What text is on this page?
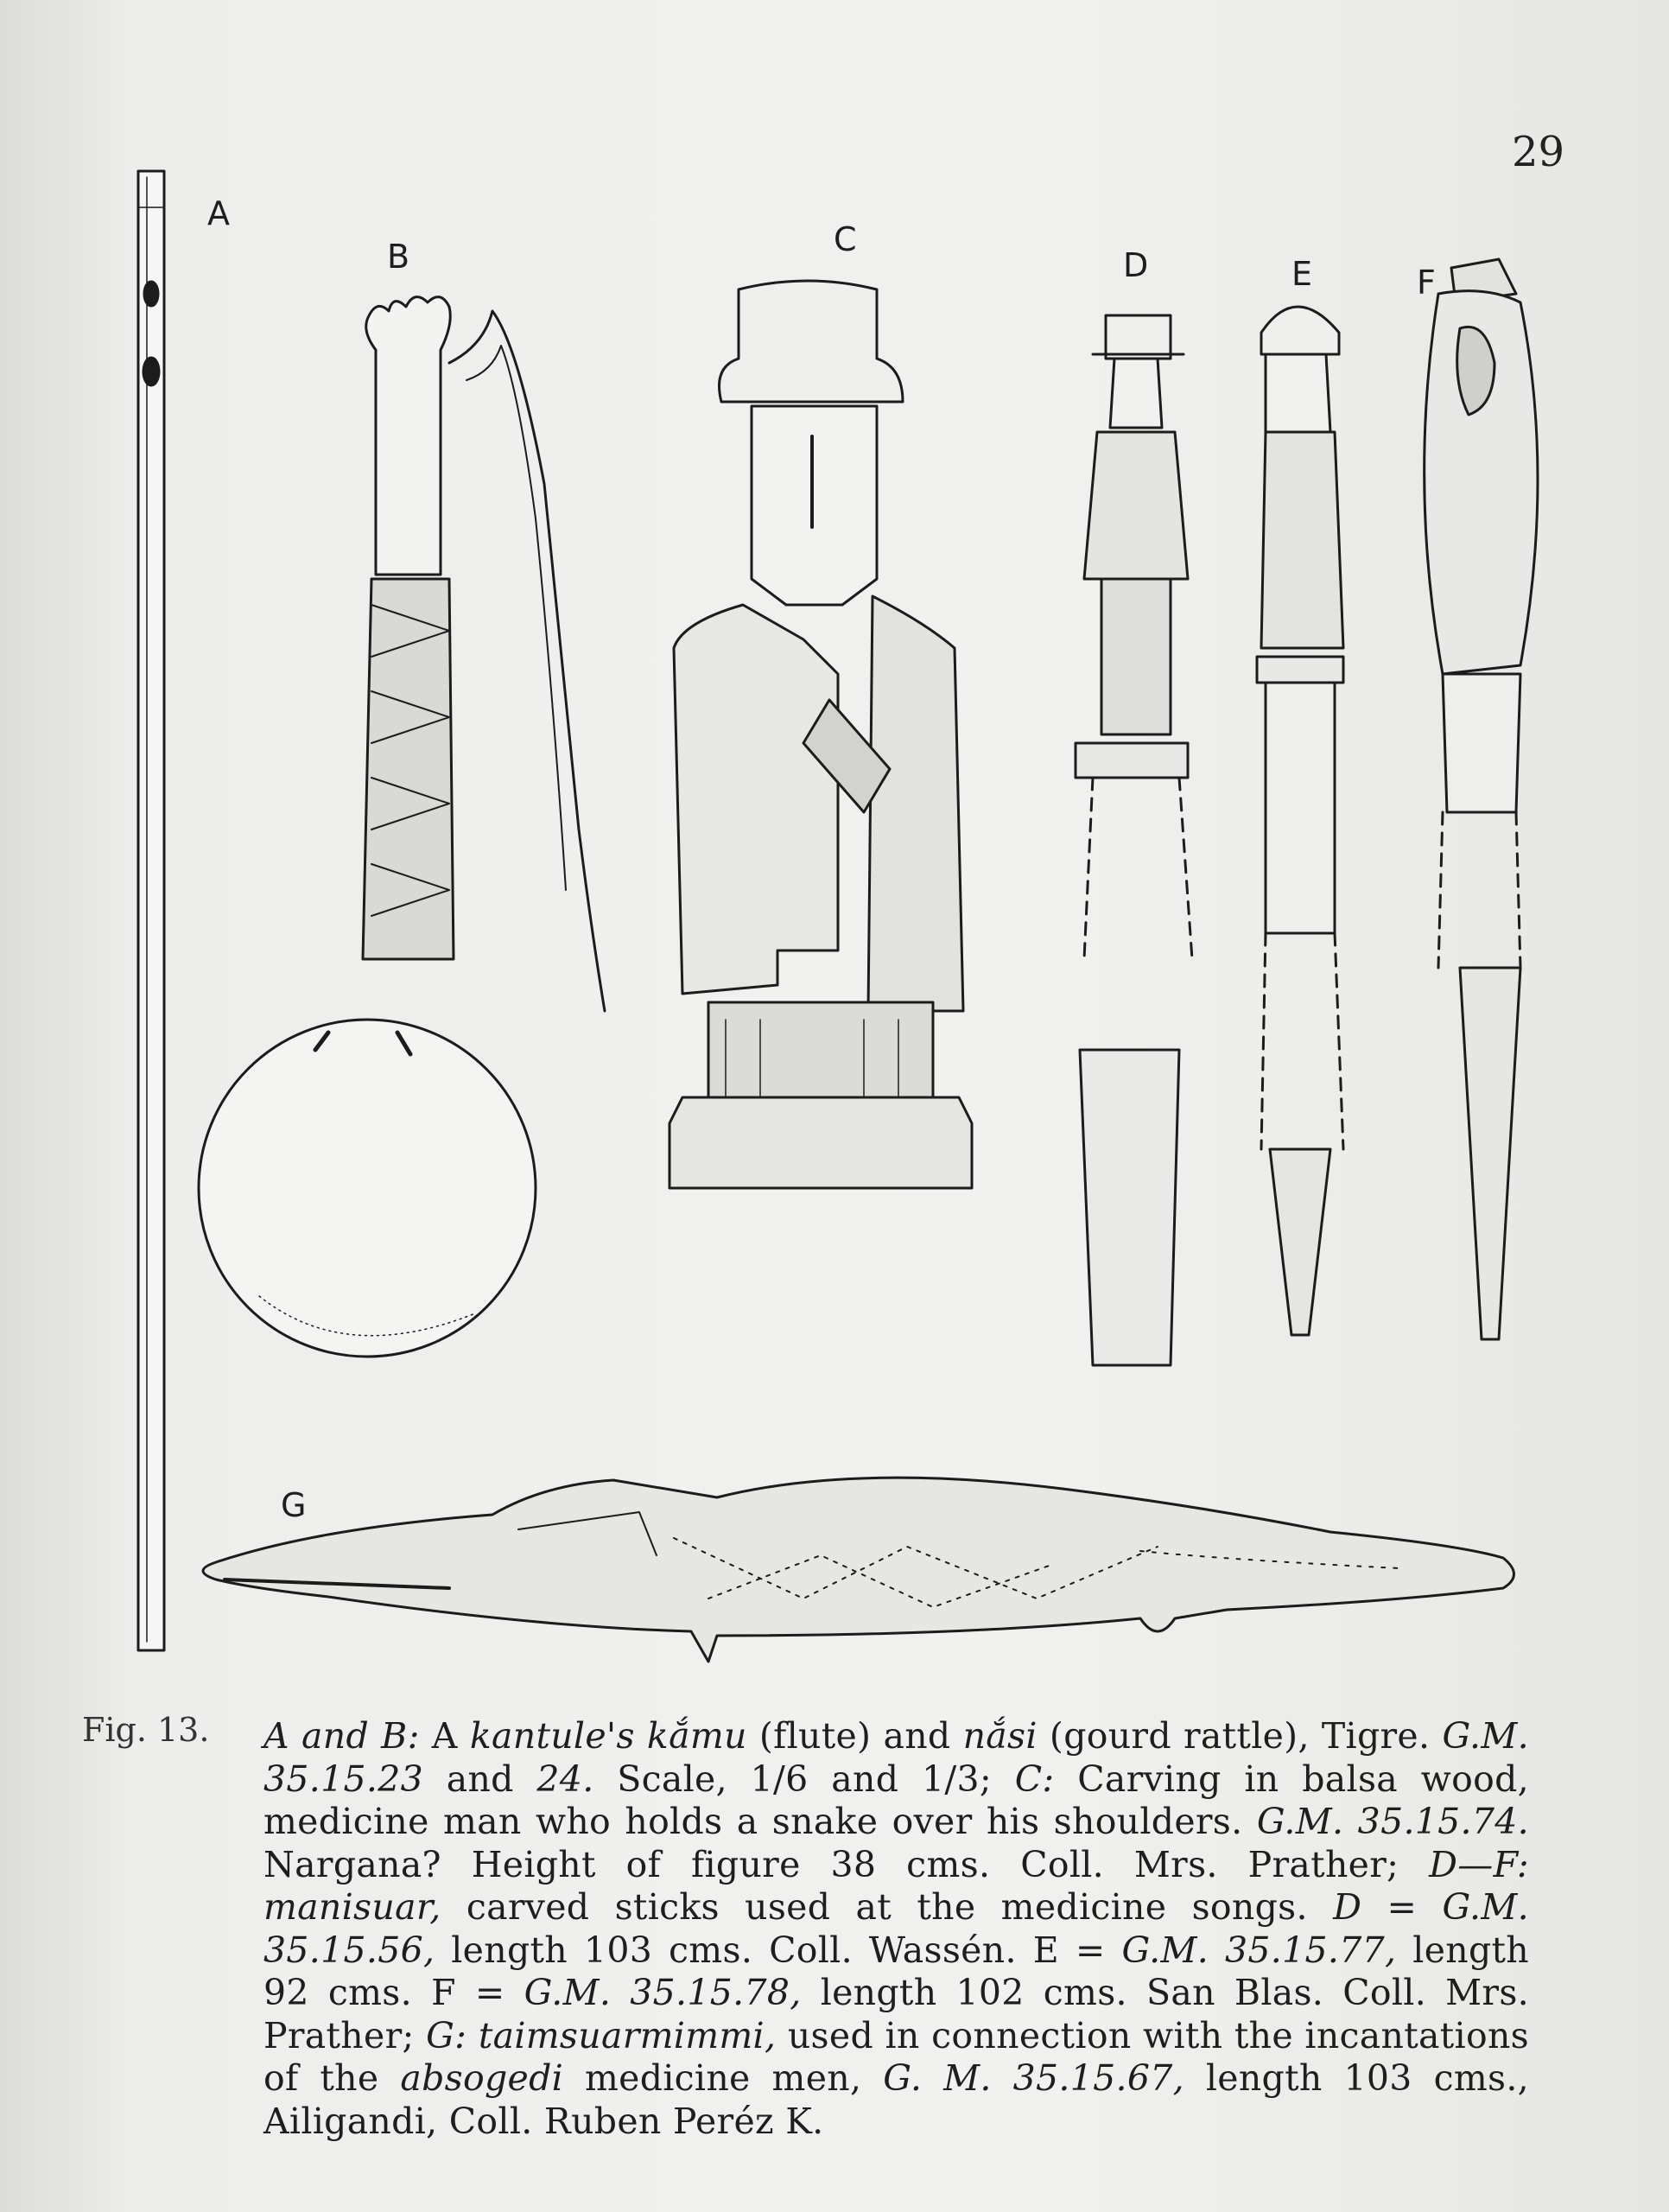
29
A
B	C
D	E	F
G
Fig. 13. A and B: A kantule's kắmu (flute) and nắsi (gourd rattle), Tigre. G.M. 35.15.23 and 24. Scale, 1/6 and 1/3; C: Carving in balsa wood, medicine man who holds a snake over his shoulders. G.M. 35.15.74. Nargana? Height of figure 38 cms. Coll. Mrs. Prather; D—F: manisuar, carved sticks used at the medicine songs. D = G.M. 35.15.56, length 103 cms. Coll. Wassén. E = G.M. 35.15.77, length 92 cms. F = G.M. 35.15.78, length 102 cms. San Blas. Coll. Mrs. Prather; G: taimsuarmimmi, used in connection with the incantations of the absogedi medicine men, G. M. 35.15.67, length 103 cms., Ailigandi, Coll. Ruben Peréz K.
